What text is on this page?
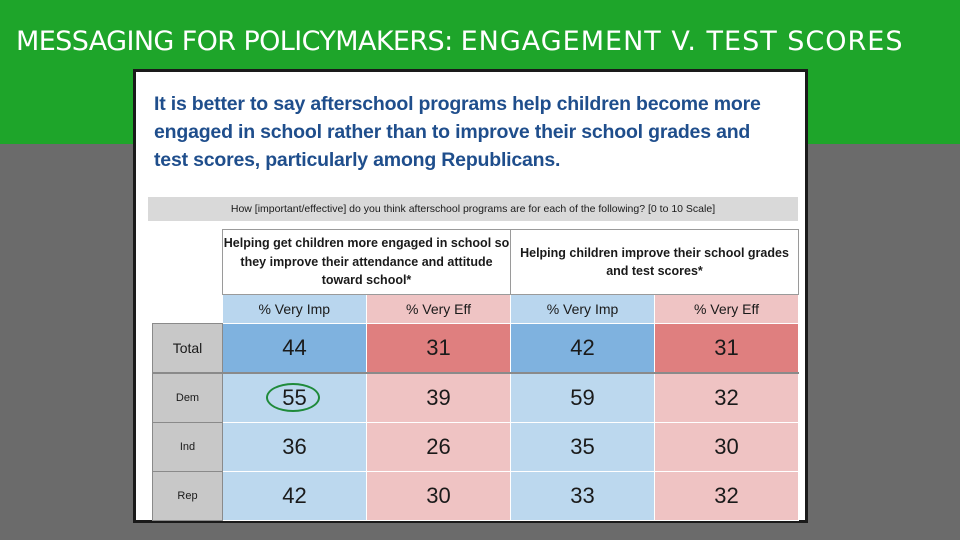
MESSAGING FOR POLICYMAKERS: ENGAGEMENT V. TEST SCORES
It is better to say afterschool programs help children become more engaged in school rather than to improve their school grades and test scores, particularly among Republicans.
How [important/effective] do you think afterschool programs are for each of the following? [0 to 10 Scale]
	Helping get children more engaged in school so they improve their attendance and attitude toward school*		Helping children improve their school grades and test scores*	
	% Very Imp	% Very Eff	% Very Imp	% Very Eff
Total	44	31	42	31
Dem	55	39	59	32
Ind	36	26	35	30
Rep	42	30	33	32
